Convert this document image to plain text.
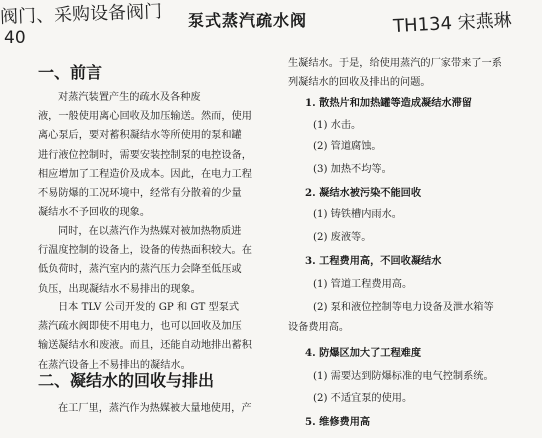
阀门、采购设备阀门
40
TH134 宋燕琳
泵式蒸汽疏水阀
一、前言
对蒸汽装置产生的疏水及各种废
液，一般使用离心回收及加压输送。然而，使用
离心泵后，要对蓄积凝结水等所使用的泵和罐
进行液位控制时，需要安装控制泵的电控设备，
相应增加了工程造价及成本。因此，在电力工程
不易防爆的工况环境中，经常有分散着的少量
凝结水不予回收的现象。
同时，在以蒸汽作为热媒对被加热物质进
行温度控制的设备上，设备的传热面积较大。在
低负荷时，蒸汽室内的蒸汽压力会降至低压或
负压，出现凝结水不易排出的现象。
日本 TLV 公司开发的 GP 和 GT 型泵式
蒸汽疏水阀即使不用电力，也可以回收及加压
输送凝结水和废液。而且，还能自动地排出蓄积
在蒸汽设备上不易排出的凝结水。
二、凝结水的回收与排出
在工厂里，蒸汽作为热媒被大量地使用，产
生凝结水。于是，给使用蒸汽的厂家带来了一系
列凝结水的回收及排出的问题。
1. 散热片和加热罐等造成凝结水滞留
(1) 水击。
(2) 管道腐蚀。
(3) 加热不均等。
2. 凝结水被污染不能回收
(1) 铸铁槽内雨水。
(2) 废液等。
3. 工程费用高，不回收凝结水
(1) 管道工程费用高。
(2) 泵和液位控制等电力设备及泄水箱等
设备费用高。
4. 防爆区加大了工程难度
(1) 需要达到防爆标准的电气控制系统。
(2) 不适宜泵的使用。
5. 维修费用高
